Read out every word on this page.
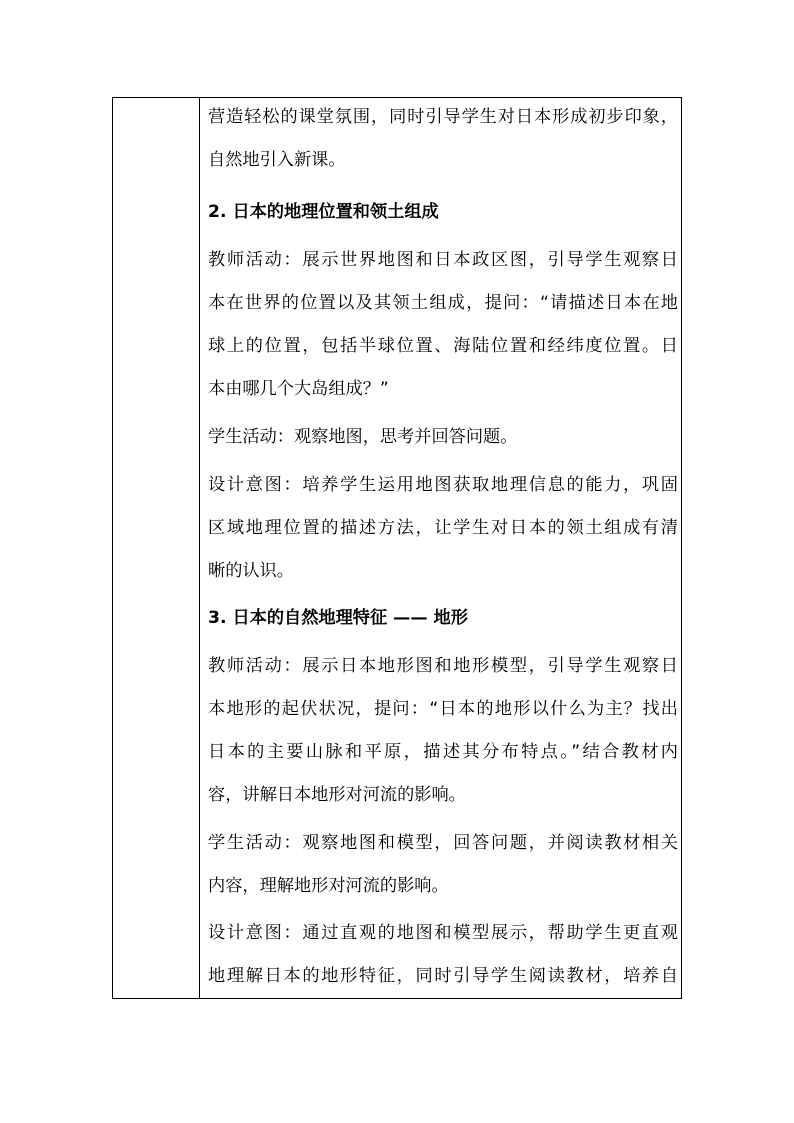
营造轻松的课堂氛围，同时引导学生对日本形成初步印象，
自然地引入新课。
2. 日本的地理位置和领土组成
教师活动：展示世界地图和日本政区图，引导学生观察日
本在世界的位置以及其领土组成，提问：“请描述日本在地
球上的位置，包括半球位置、海陆位置和经纬度位置。日
本由哪几个大岛组成？”
学生活动：观察地图，思考并回答问题。
设计意图：培养学生运用地图获取地理信息的能力，巩固
区域地理位置的描述方法，让学生对日本的领土组成有清
晰的认识。
3. 日本的自然地理特征 —— 地形
教师活动：展示日本地形图和地形模型，引导学生观察日
本地形的起伏状况，提问：“日本的地形以什么为主？找出
日本的主要山脉和平原，描述其分布特点。”结合教材内
容，讲解日本地形对河流的影响。
学生活动：观察地图和模型，回答问题，并阅读教材相关
内容，理解地形对河流的影响。
设计意图：通过直观的地图和模型展示，帮助学生更直观
地理解日本的地形特征，同时引导学生阅读教材，培养自
